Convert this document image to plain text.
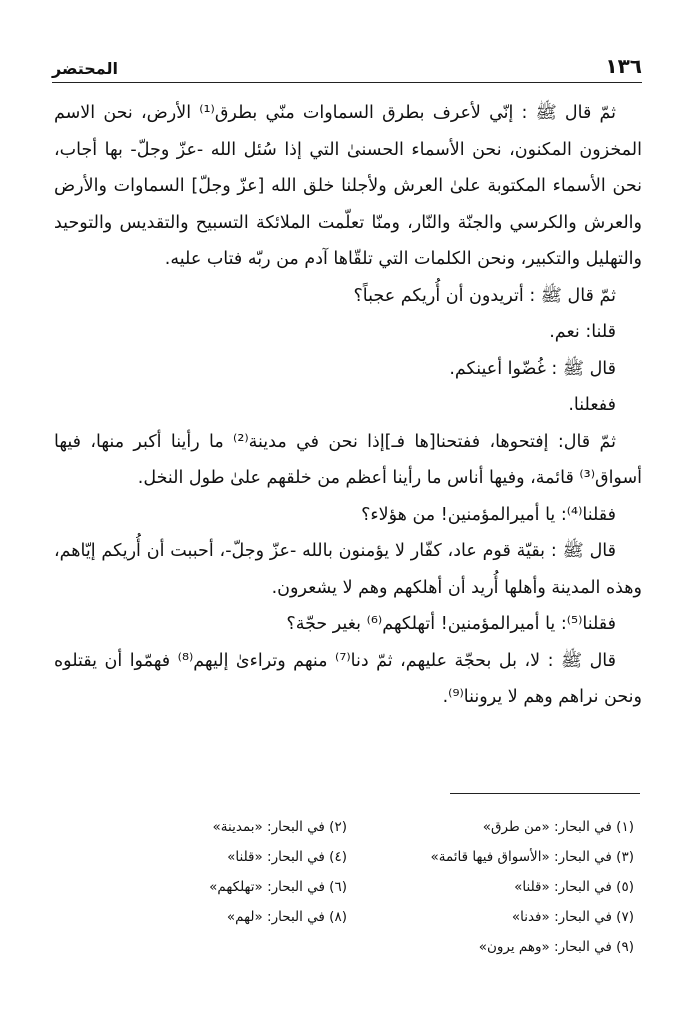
١٣٦
المحتضر

ثمّ قال ﷺ : إنّي لأعرف بطرق السماوات منّي بطرق⁽¹⁾ الأرض، نحن الاسم المخزون المكنون، نحن الأسماء الحسنىٰ التي إذا سُئل الله -عزّ وجلّ- بها أجاب، نحن الأسماء المكتوبة علىٰ العرش ولأجلنا خلق الله [عزّ وجلّ] السماوات والأرض والعرش والكرسي والجنّة والنّار، ومنّا تعلّمت الملائكة التسبيح والتقديس والتوحيد والتهليل والتكبير، ونحن الكلمات التي تلقّاها آدم من ربّه فتاب عليه.

ثمّ قال ﷺ : أتريدون أن أُريكم عجباً؟

قلنا: نعم.

قال ﷺ : غُضّوا أعينكم.

ففعلنا.

ثمّ قال: إفتحوها، ففتحنا[ها فـ]إذا نحن في مدينة⁽²⁾ ما رأينا أكبر منها، فيها أسواق⁽³⁾ قائمة، وفيها أناس ما رأينا أعظم من خلقهم علىٰ طول النخل.

فقلنا⁽⁴⁾: يا أميرالمؤمنين! من هؤلاء؟

قال ﷺ : بقيّة قوم عاد، كفّار لا يؤمنون بالله -عزّ وجلّ-، أحببت أن أُريكم إيّاهم، وهذه المدينة وأهلها أُريد أن أهلكهم وهم لا يشعرون.

فقلنا⁽⁵⁾: يا أميرالمؤمنين! أتهلكهم⁽⁶⁾ بغير حجّة؟

قال ﷺ : لا، بل بحجّة عليهم، ثمّ دنا⁽⁷⁾ منهم وتراءىٰ إليهم⁽⁸⁾ فهمّوا أن يقتلوه ونحن نراهم وهم لا يروننا⁽⁹⁾.

(١) في البحار: «من طرق»
(٢) في البحار: «بمدينة»
(٣) في البحار: «الأسواق فيها قائمة»
(٤) في البحار: «قلنا»
(٥) في البحار: «قلنا»
(٦) في البحار: «تهلكهم»
(٧) في البحار: «فدنا»
(٨) في البحار: «لهم»
(٩) في البحار: «وهم يرون»
